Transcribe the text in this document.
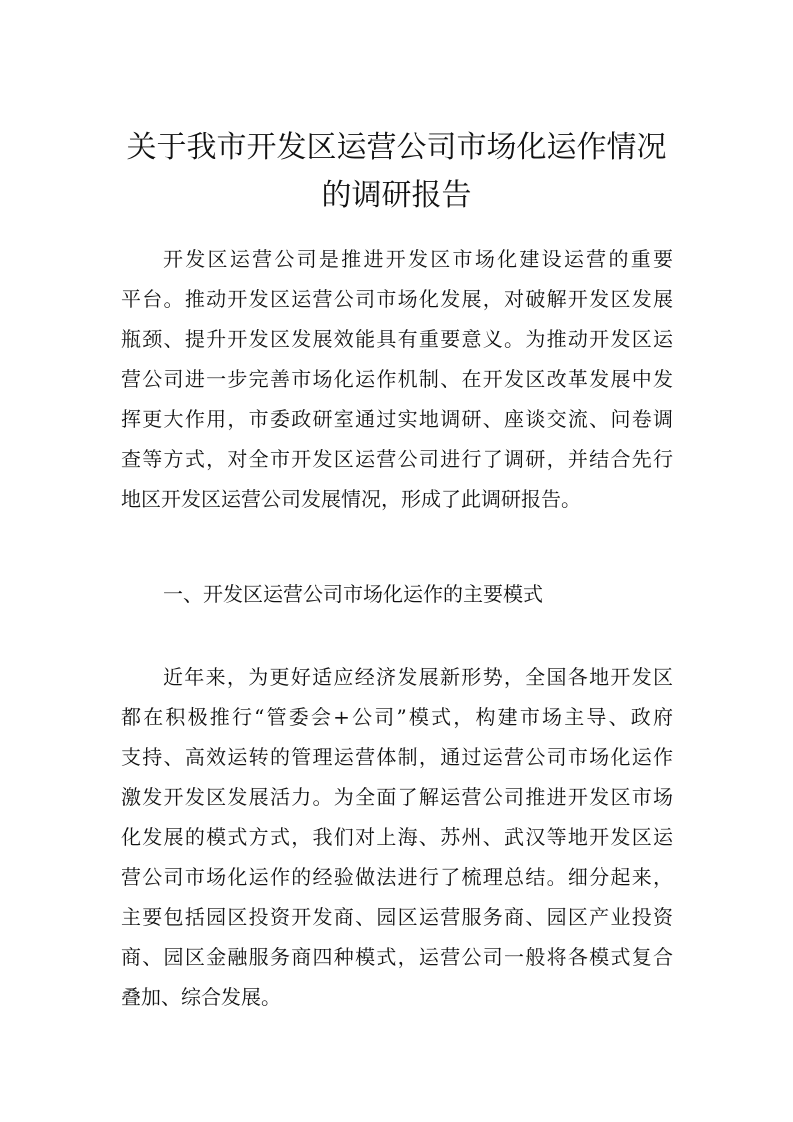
关于我市开发区运营公司市场化运作情况
的调研报告
开发区运营公司是推进开发区市场化建设运营的重要
平台。推动开发区运营公司市场化发展，对破解开发区发展
瓶颈、提升开发区发展效能具有重要意义。为推动开发区运
营公司进一步完善市场化运作机制、在开发区改革发展中发
挥更大作用，市委政研室通过实地调研、座谈交流、问卷调
查等方式，对全市开发区运营公司进行了调研，并结合先行
地区开发区运营公司发展情况，形成了此调研报告。
一、开发区运营公司市场化运作的主要模式
近年来，为更好适应经济发展新形势，全国各地开发区
都在积极推行“管委会+公司”模式，构建市场主导、政府
支持、高效运转的管理运营体制，通过运营公司市场化运作
激发开发区发展活力。为全面了解运营公司推进开发区市场
化发展的模式方式，我们对上海、苏州、武汉等地开发区运
营公司市场化运作的经验做法进行了梳理总结。细分起来，
主要包括园区投资开发商、园区运营服务商、园区产业投资
商、园区金融服务商四种模式，运营公司一般将各模式复合
叠加、综合发展。
